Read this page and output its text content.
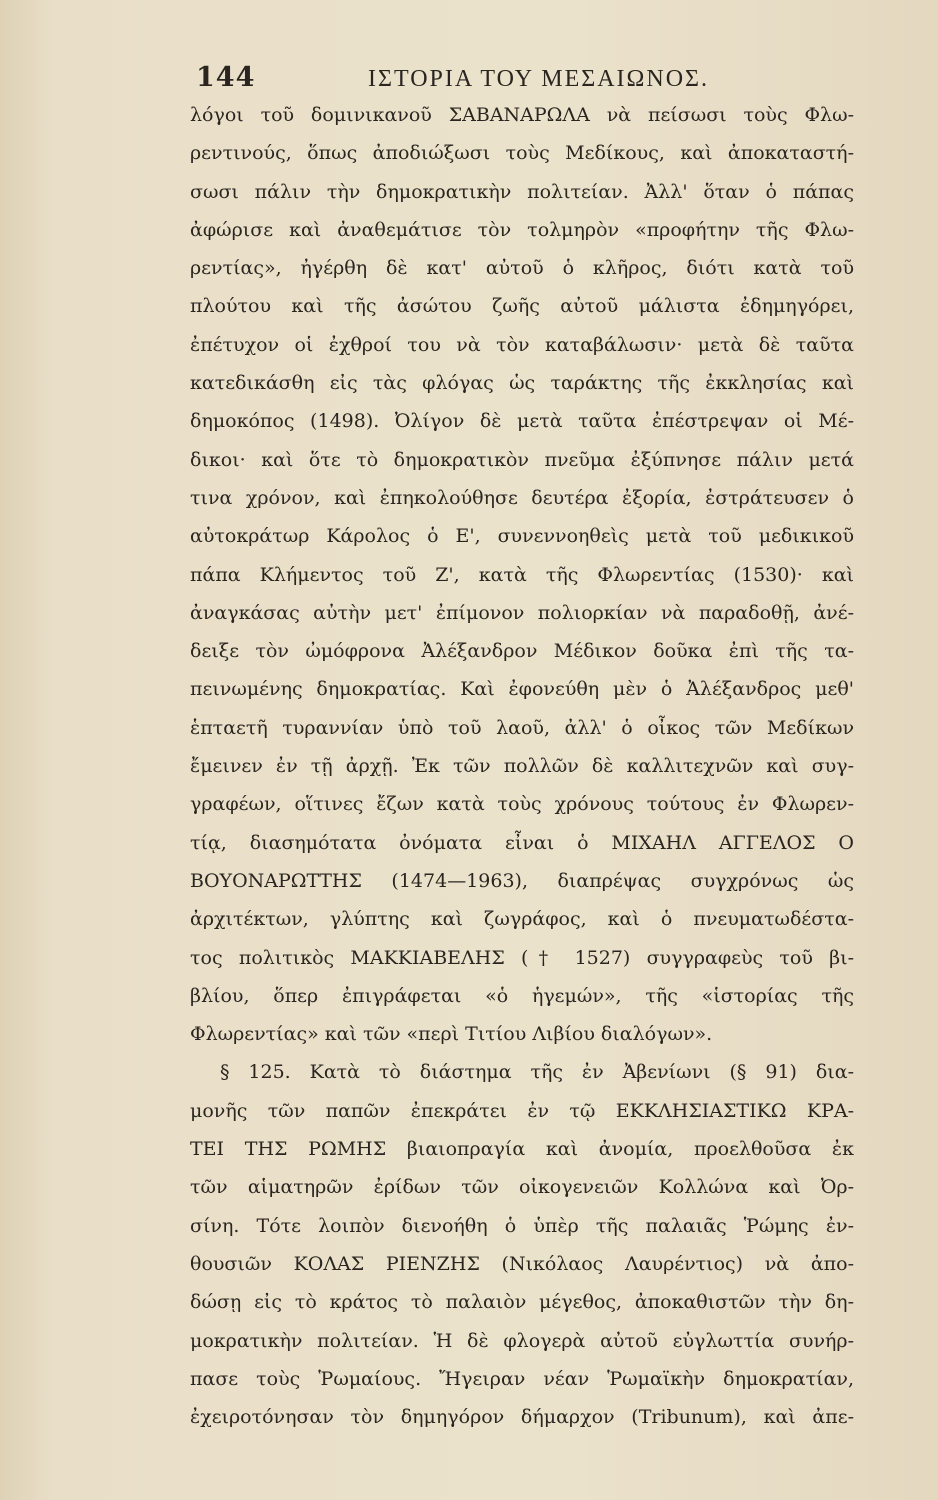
144	ΙΣΤΟΡΙΑ ΤΟΥ ΜΕΣΑΙΩΝΟΣ.
λόγοι τοῦ δομινικανοῦ ΣΑΒΑΝΑΡΩΛΑ νὰ πείσωσι τοὺς Φλω-
ρεντινούς, ὅπως ἀποδιώξωσι τοὺς Μεδίκους, καὶ ἀποκαταστή-
σωσι πάλιν τὴν δημοκρατικὴν πολιτείαν. Ἀλλ' ὅταν ὁ πάπας
ἀφώρισε καὶ ἀναθεμάτισε τὸν τολμηρὸν «προφήτην τῆς Φλω-
ρεντίας», ἠγέρθη δὲ κατ' αὐτοῦ ὁ κλῆρος, διότι κατὰ τοῦ
πλούτου καὶ τῆς ἀσώτου ζωῆς αὐτοῦ μάλιστα ἐδημηγόρει,
ἐπέτυχον οἱ ἐχθροί του νὰ τὸν καταβάλωσιν· μετὰ δὲ ταῦτα
κατεδικάσθη εἰς τὰς φλόγας ὡς ταράκτης τῆς ἐκκλησίας καὶ
δημοκόπος (1498). Ὀλίγον δὲ μετὰ ταῦτα ἐπέστρεψαν οἱ Μέ-
δικοι· καὶ ὅτε τὸ δημοκρατικὸν πνεῦμα ἐξύπνησε πάλιν μετά
τινα χρόνον, καὶ ἐπηκολούθησε δευτέρα ἐξορία, ἐστράτευσεν ὁ
αὐτοκράτωρ Κάρολος ὁ Ε', συνεννοηθεὶς μετὰ τοῦ μεδικικοῦ
πάπα Κλήμεντος τοῦ Ζ', κατὰ τῆς Φλωρεντίας (1530)· καὶ
ἀναγκάσας αὐτὴν μετ' ἐπίμονον πολιορκίαν νὰ παραδοθῇ, ἀνέ-
δειξε τὸν ὠμόφρονα Ἀλέξανδρον Μέδικον δοῦκα ἐπὶ τῆς τα-
πεινωμένης δημοκρατίας. Καὶ ἐφονεύθη μὲν ὁ Ἀλέξανδρος μεθ'
ἑπταετῆ τυραννίαν ὑπὸ τοῦ λαοῦ, ἀλλ' ὁ οἶκος τῶν Μεδίκων
ἔμεινεν ἐν τῇ ἀρχῇ. Ἐκ τῶν πολλῶν δὲ καλλιτεχνῶν καὶ συγ-
γραφέων, οἵτινες ἔζων κατὰ τοὺς χρόνους τούτους ἐν Φλωρεν-
τίᾳ, διασημότατα ὀνόματα εἶναι ὁ ΜΙΧΑΗΛ ΑΓΓΕΛΟΣ Ο
ΒΟΥΟΝΑΡΩΤΤΗΣ (1474—1963), διαπρέψας συγχρόνως ὡς
ἀρχιτέκτων, γλύπτης καὶ ζωγράφος, καὶ ὁ πνευματωδέστα-
τος πολιτικὸς ΜΑΚΚΙΑΒΕΛΗΣ († 1527) συγγραφεὺς τοῦ βι-
βλίου, ὅπερ ἐπιγράφεται «ὁ ἡγεμών», τῆς «ἱστορίας τῆς
Φλωρεντίας» καὶ τῶν «περὶ Τιτίου Λιβίου διαλόγων».
§ 125. Κατὰ τὸ διάστημα τῆς ἐν Ἀβενίωνι (§ 91) δια-
μονῆς τῶν παπῶν ἐπεκράτει ἐν τῷ ΕΚΚΛΗΣΙΑΣΤΙΚΩ ΚΡΑ-
ΤΕΙ ΤΗΣ ΡΩΜΗΣ βιαιοπραγία καὶ ἀνομία, προελθοῦσα ἐκ
τῶν αἱματηρῶν ἐρίδων τῶν οἰκογενειῶν Κολλώνα καὶ Ὀρ-
σίνη. Τότε λοιπὸν διενοήθη ὁ ὑπὲρ τῆς παλαιᾶς Ῥώμης ἐν-
θουσιῶν ΚΟΛΑΣ ΡΙΕΝΖΗΣ (Νικόλαος Λαυρέντιος) νὰ ἀπο-
δώσῃ εἰς τὸ κράτος τὸ παλαιὸν μέγεθος, ἀποκαθιστῶν τὴν δη-
μοκρατικὴν πολιτείαν. Ἡ δὲ φλογερὰ αὐτοῦ εὐγλωττία συνήρ-
πασε τοὺς Ῥωμαίους. Ἤγειραν νέαν Ῥωμαϊκὴν δημοκρατίαν,
ἐχειροτόνησαν τὸν δημηγόρον δήμαρχον (Tribunum), καὶ ἀπε-
